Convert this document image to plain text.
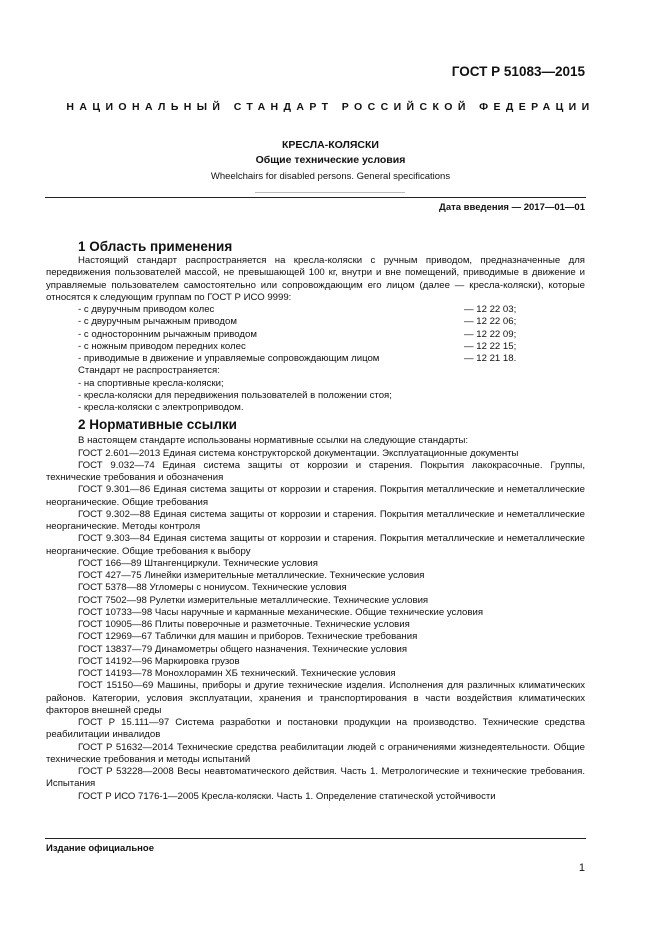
ГОСТ Р 51083—2015
НАЦИОНАЛЬНЫЙ СТАНДАРТ РОССИЙСКОЙ ФЕДЕРАЦИИ
КРЕСЛА-КОЛЯСКИ
Общие технические условия
Wheelchairs for disabled persons. General specifications
Дата введения — 2017—01—01
1 Область применения
Настоящий стандарт распространяется на кресла-коляски с ручным приводом, предназначенные для передвижения пользователей массой, не превышающей 100 кг, внутри и вне помещений, приводимые в движение и управляемые пользователем самостоятельно или сопровождающим его лицом (далее — кресла-коляски), которые относятся к следующим группам по ГОСТ Р ИСО 9999:
- с двуручным приводом колес	— 12 22 03;
- с двуручным рычажным приводом	— 12 22 06;
- с односторонним рычажным приводом	— 12 22 09;
- с ножным приводом передних колес	— 12 22 15;
- приводимые в движение и управляемые сопровождающим лицом	— 12 21 18.
Стандарт не распространяется:
- на спортивные кресла-коляски;
- кресла-коляски для передвижения пользователей в положении стоя;
- кресла-коляски с электроприводом.
2 Нормативные ссылки
В настоящем стандарте использованы нормативные ссылки на следующие стандарты:
ГОСТ 2.601—2013 Единая система конструкторской документации. Эксплуатационные документы
ГОСТ 9.032—74 Единая система защиты от коррозии и старения. Покрытия лакокрасочные. Группы, технические требования и обозначения
ГОСТ 9.301—86 Единая система защиты от коррозии и старения. Покрытия металлические и неметаллические неорганические. Общие требования
ГОСТ 9.302—88 Единая система защиты от коррозии и старения. Покрытия металлические и неметаллические неорганические. Методы контроля
ГОСТ 9.303—84 Единая система защиты от коррозии и старения. Покрытия металлические и неметаллические неорганические. Общие требования к выбору
ГОСТ 166—89 Штангенциркули. Технические условия
ГОСТ 427—75 Линейки измерительные металлические. Технические условия
ГОСТ 5378—88 Угломеры с нониусом. Технические условия
ГОСТ 7502—98 Рулетки измерительные металлические. Технические условия
ГОСТ 10733—98 Часы наручные и карманные механические. Общие технические условия
ГОСТ 10905—86 Плиты поверочные и разметочные. Технические условия
ГОСТ 12969—67 Таблички для машин и приборов. Технические требования
ГОСТ 13837—79 Динамометры общего назначения. Технические условия
ГОСТ 14192—96 Маркировка грузов
ГОСТ 14193—78 Монохлорамин ХБ технический. Технические условия
ГОСТ 15150—69 Машины, приборы и другие технические изделия. Исполнения для различных климатических районов. Категории, условия эксплуатации, хранения и транспортирования в части воздействия климатических факторов внешней среды
ГОСТ Р 15.111—97 Система разработки и постановки продукции на производство. Технические средства реабилитации инвалидов
ГОСТ Р 51632—2014 Технические средства реабилитации людей с ограничениями жизнедеятельности. Общие технические требования и методы испытаний
ГОСТ Р 53228—2008 Весы неавтоматического действия. Часть 1. Метрологические и технические требования. Испытания
ГОСТ Р ИСО 7176-1—2005 Кресла-коляски. Часть 1. Определение статической устойчивости
Издание официальное
1
